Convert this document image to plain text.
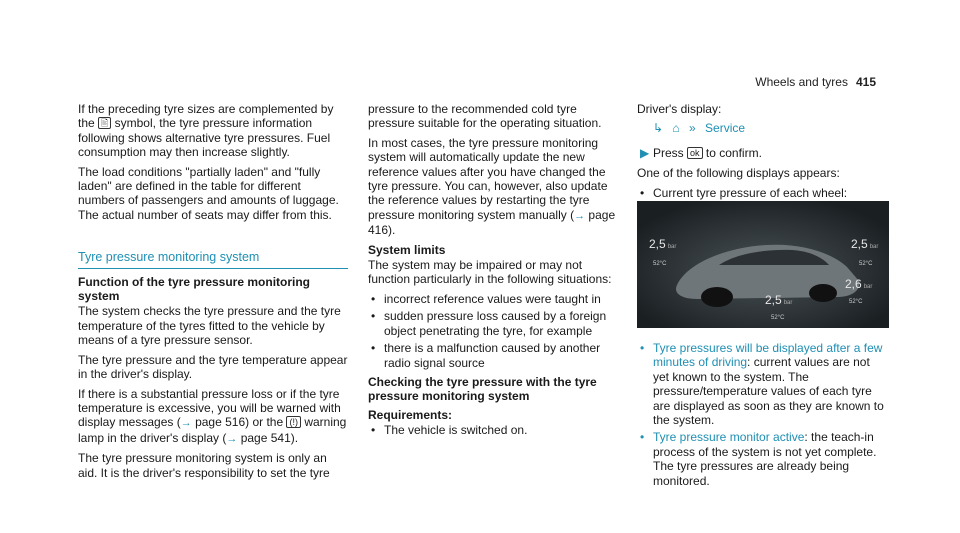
Wheels and tyres 415

If the preceding tyre sizes are complemented by the 🖹 symbol, the tyre pressure information following shows alternative tyre pressures. Fuel consumption may then increase slightly.

The load conditions "partially laden" and "fully laden" are defined in the table for different numbers of passengers and amounts of luggage. The actual number of seats may differ from this.

Tyre pressure monitoring system
Function of the tyre pressure monitoring system

The system checks the tyre pressure and the tyre temperature of the tyres fitted to the vehicle by means of a tyre pressure sensor.

The tyre pressure and the tyre temperature appear in the driver's display.

If there is a substantial pressure loss or if the tyre temperature is excessive, you will be warned with display messages (→ page 516) or the (!) warning lamp in the driver's display (→ page 541).

The tyre pressure monitoring system is only an aid. It is the driver's responsibility to set the tyre

pressure to the recommended cold tyre pressure suitable for the operating situation.

In most cases, the tyre pressure monitoring system will automatically update the new reference values after you have changed the tyre pressure. You can, however, also update the reference values by restarting the tyre pressure monitoring system manually (→ page 416).

System limits

The system may be impaired or may not function particularly in the following situations:

• incorrect reference values were taught in
• sudden pressure loss caused by a foreign object penetrating the tyre, for example
• there is a malfunction caused by another radio signal source
Checking the tyre pressure with the tyre pressure monitoring system
Requirements:
• The vehicle is switched on.

Driver's display:

↳ ⌂ » Service
▶ Press ok to confirm.

One of the following displays appears:

• Current tyre pressure of each wheel:
2,5 bar
52°C
2,5 bar
52°C
2,6 bar
52°C
2,5 bar
52°C
• Tyre pressures will be displayed after a few minutes of driving: current values are not yet known to the system. The pressure/temperature values of each tyre are displayed as soon as they are known to the system.
• Tyre pressure monitor active: the teach-in process of the system is not yet complete. The tyre pressures are already being monitored.
